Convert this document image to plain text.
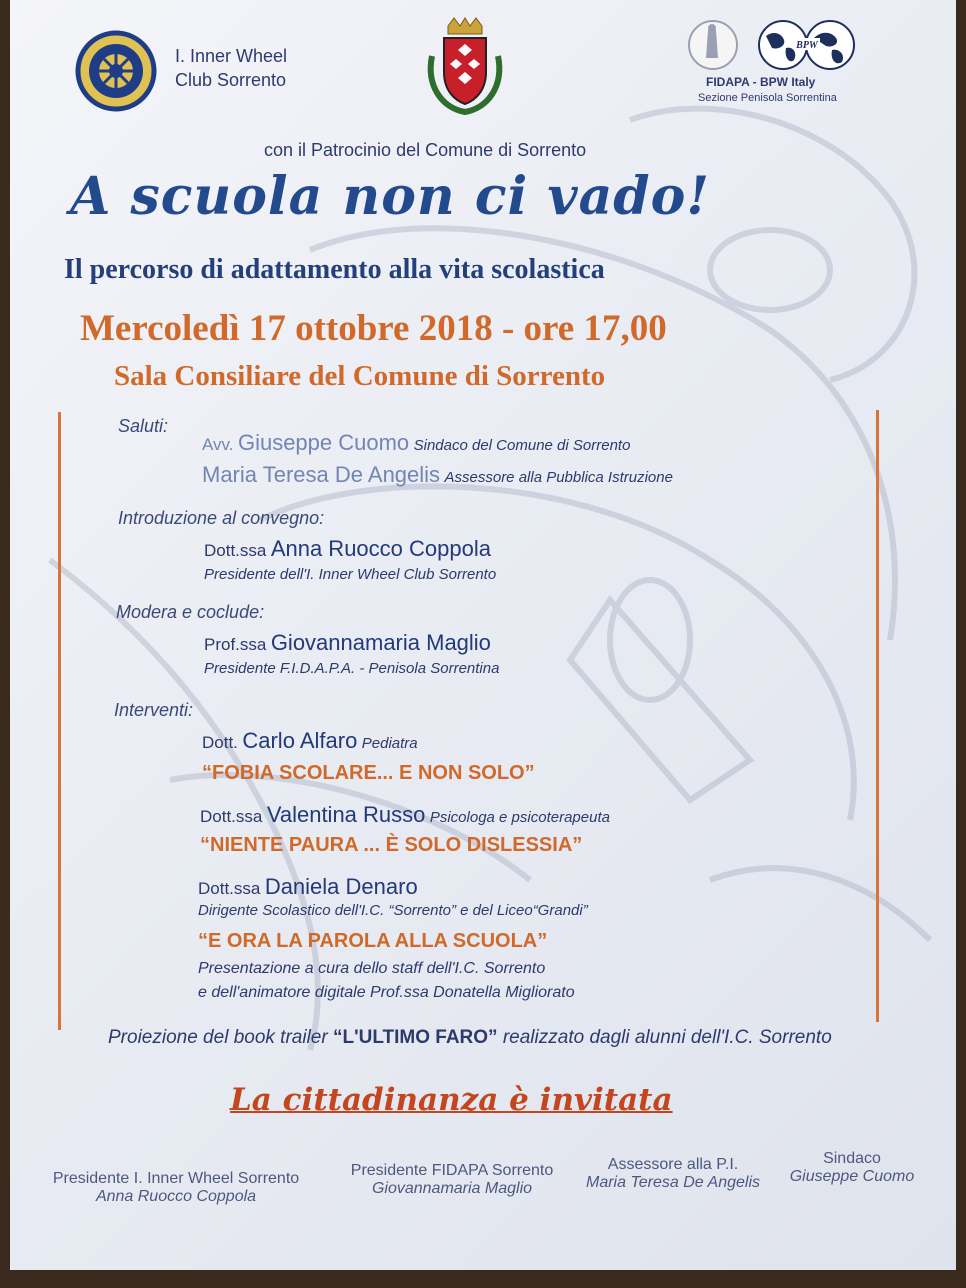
I. Inner Wheel
Club Sorrento
BPW
FIDAPA - BPW Italy
Sezione Penisola Sorrentina
con il Patrocinio del Comune di Sorrento
A scuola non ci vado!
Il percorso di adattamento alla vita scolastica
Mercoledì 17 ottobre 2018 - ore 17,00
Sala Consiliare del Comune di Sorrento
Saluti:
Avv. Giuseppe Cuomo Sindaco del Comune di Sorrento
Maria Teresa De Angelis Assessore alla Pubblica Istruzione
Introduzione al convegno:
Dott.ssa Anna Ruocco Coppola
Presidente dell'I. Inner Wheel Club Sorrento
Modera e coclude:
Prof.ssa Giovannamaria Maglio
Presidente F.I.D.A.P.A. - Penisola Sorrentina
Interventi:
Dott. Carlo Alfaro Pediatra
“FOBIA SCOLARE... E NON SOLO”
Dott.ssa Valentina Russo Psicologa e psicoterapeuta
“NIENTE PAURA ... È SOLO DISLESSIA”
Dott.ssa Daniela Denaro
Dirigente Scolastico dell'I.C. “Sorrento” e del Liceo“Grandi”
“E ORA LA PAROLA ALLA SCUOLA”
Presentazione a cura dello staff dell'I.C. Sorrento
e dell'animatore digitale Prof.ssa Donatella Migliorato
Proiezione del book trailer “L'ULTIMO FARO” realizzato dagli alunni dell'I.C. Sorrento
La cittadinanza è invitata
Presidente I. Inner Wheel Sorrento
Anna Ruocco Coppola
Presidente FIDAPA Sorrento
Giovannamaria Maglio
Assessore alla P.I.
Maria Teresa De Angelis
Sindaco
Giuseppe Cuomo
